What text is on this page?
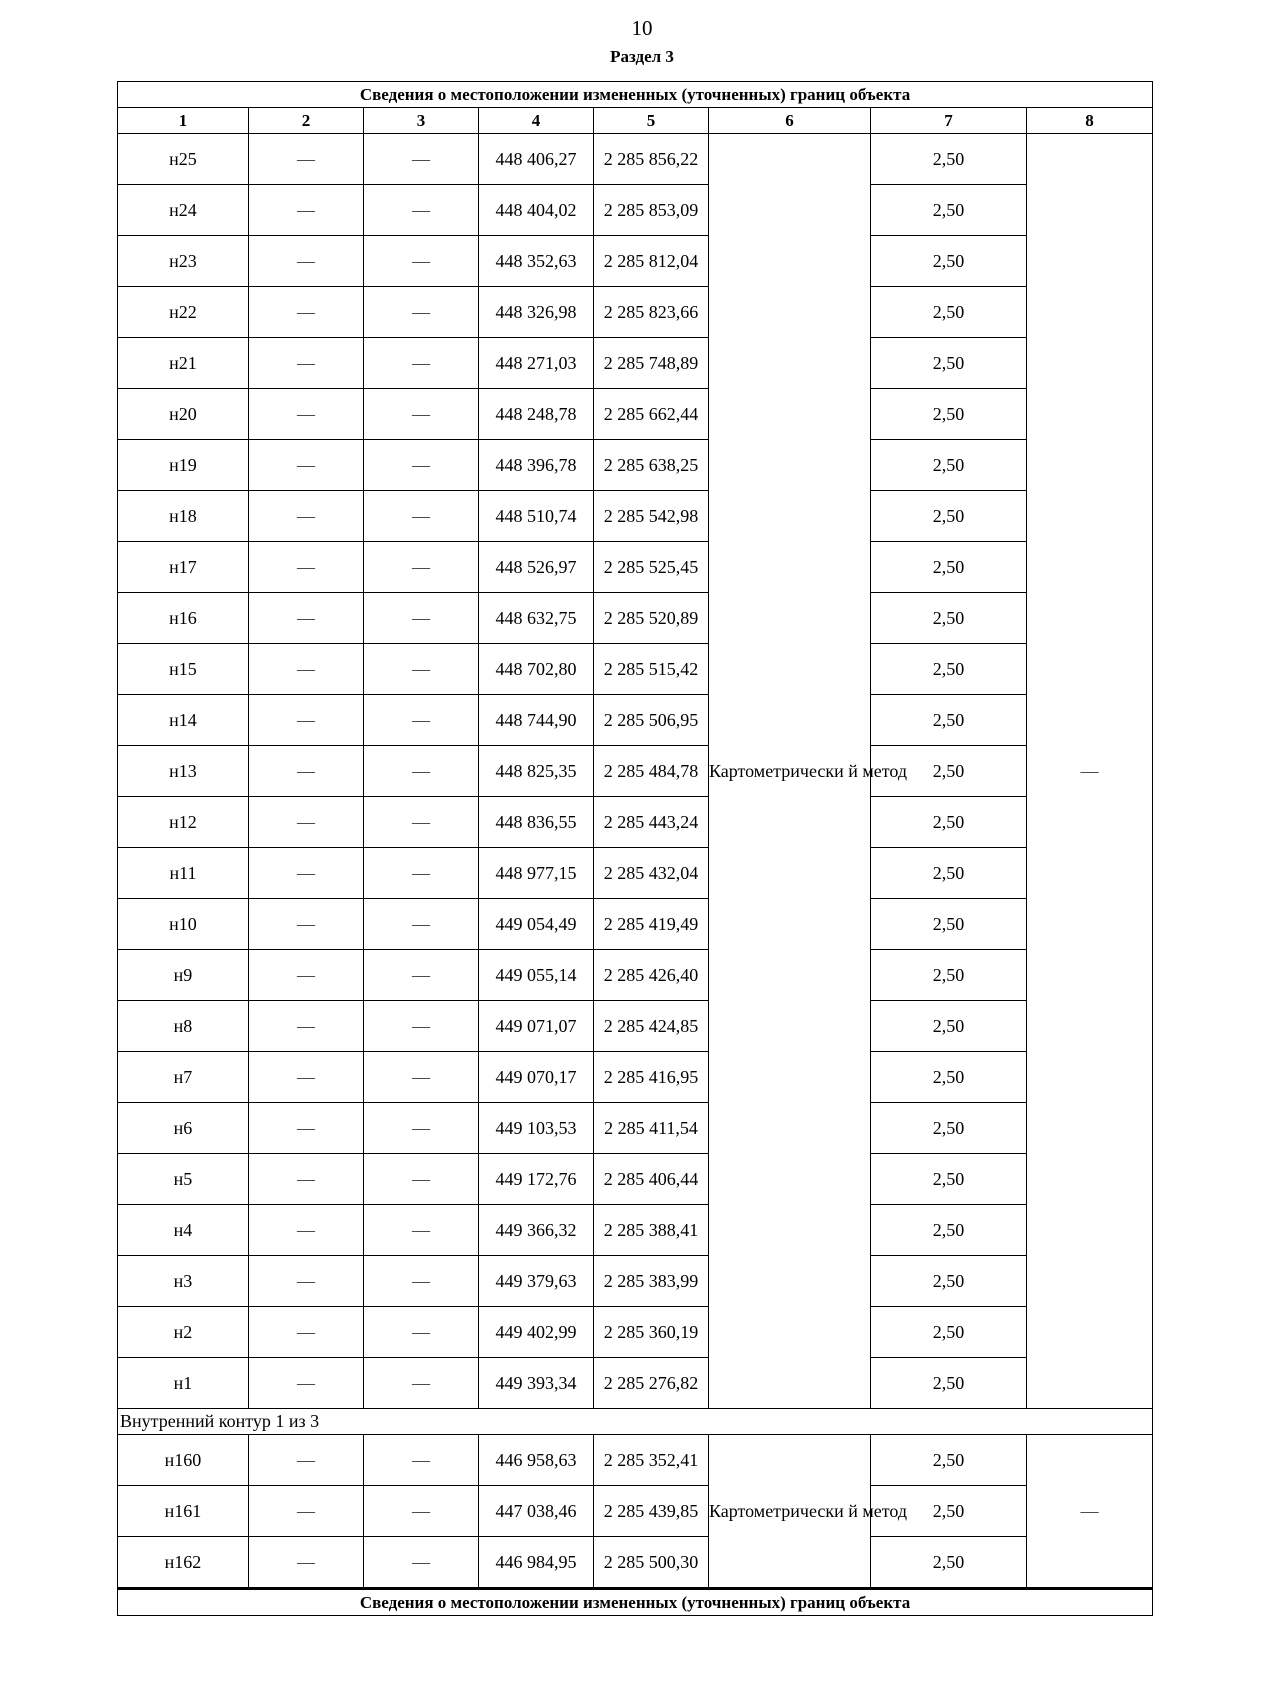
10
Раздел 3
Сведения о местоположении измененных (уточненных) границ объекта							
1	2	3	4	5	6	7	8
н25	—	—	448 406,27	2 285 856,22	Картометрически й метод	2,50	—
н24	—	—	448 404,02	2 285 853,09		2,50	
н23	—	—	448 352,63	2 285 812,04		2,50	
н22	—	—	448 326,98	2 285 823,66		2,50	
н21	—	—	448 271,03	2 285 748,89		2,50	
н20	—	—	448 248,78	2 285 662,44		2,50	
н19	—	—	448 396,78	2 285 638,25		2,50	
н18	—	—	448 510,74	2 285 542,98		2,50	
н17	—	—	448 526,97	2 285 525,45		2,50	
н16	—	—	448 632,75	2 285 520,89		2,50	
н15	—	—	448 702,80	2 285 515,42		2,50	
н14	—	—	448 744,90	2 285 506,95		2,50	
н13	—	—	448 825,35	2 285 484,78		2,50	
н12	—	—	448 836,55	2 285 443,24		2,50	
н11	—	—	448 977,15	2 285 432,04		2,50	
н10	—	—	449 054,49	2 285 419,49		2,50	
н9	—	—	449 055,14	2 285 426,40		2,50	
н8	—	—	449 071,07	2 285 424,85		2,50	
н7	—	—	449 070,17	2 285 416,95		2,50	
н6	—	—	449 103,53	2 285 411,54		2,50	
н5	—	—	449 172,76	2 285 406,44		2,50	
н4	—	—	449 366,32	2 285 388,41		2,50	
н3	—	—	449 379,63	2 285 383,99		2,50	
н2	—	—	449 402,99	2 285 360,19		2,50	
н1	—	—	449 393,34	2 285 276,82		2,50	
Внутренний контур 1 из 3							
н160	—	—	446 958,63	2 285 352,41	Картометрически й метод	2,50	—
н161	—	—	447 038,46	2 285 439,85		2,50	
н162	—	—	446 984,95	2 285 500,30		2,50	
Сведения о местоположении измененных (уточненных) границ объекта							
